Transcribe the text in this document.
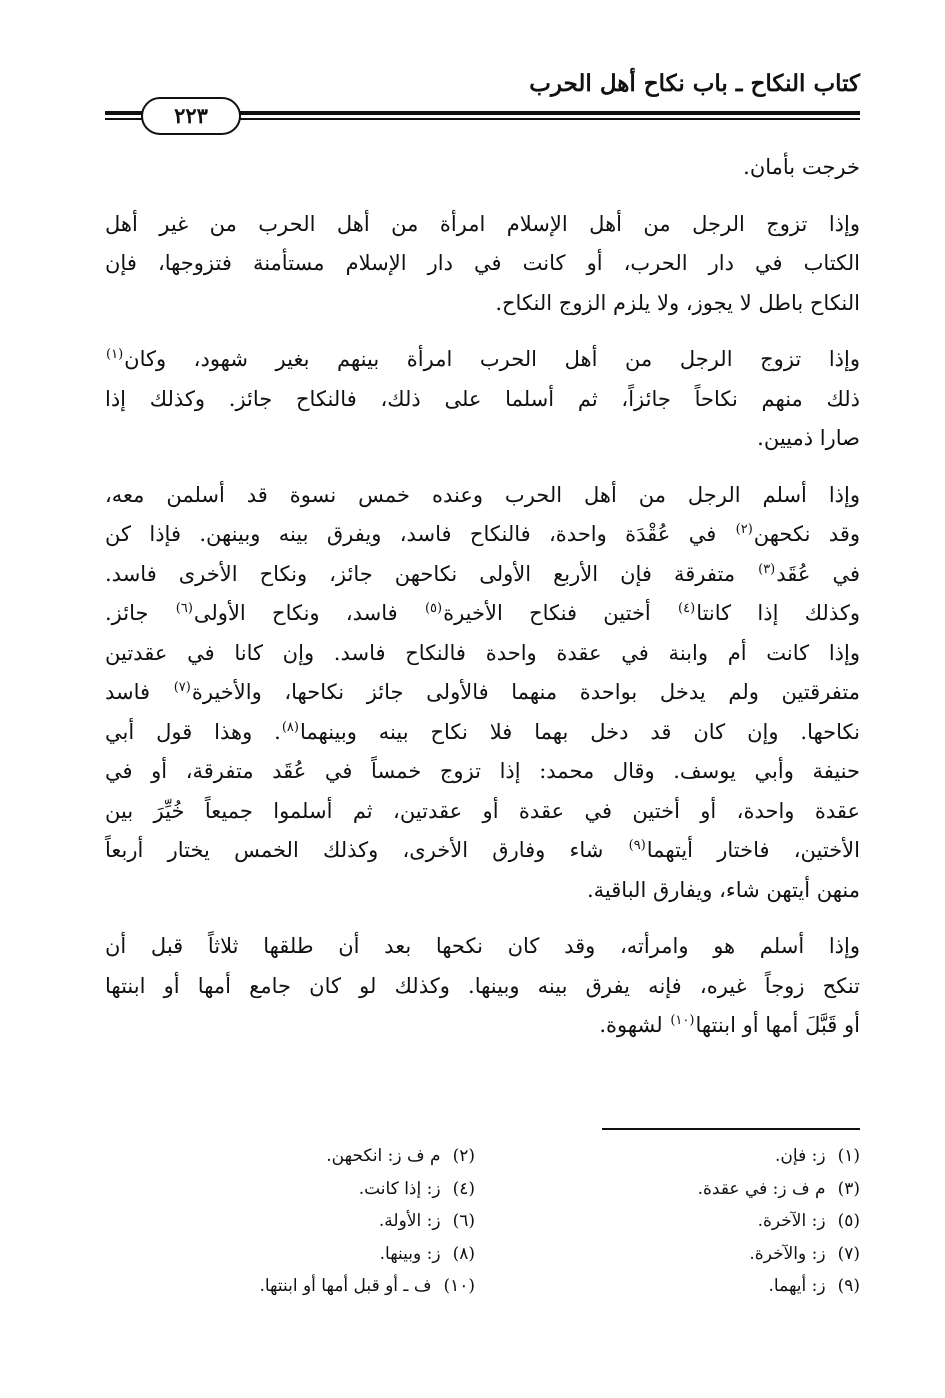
كتاب النكاح ـ باب نكاح أهل الحرب
٢٢٣
خرجت بأمان.
وإذا تزوج الرجل من أهل الإسلام امرأة من أهل الحرب من غير أهل
الكتاب في دار الحرب، أو كانت في دار الإسلام مستأمنة فتزوجها، فإن
النكاح باطل لا يجوز، ولا يلزم الزوج النكاح.
وإذا تزوج الرجل من أهل الحرب امرأة بينهم بغير شهود، وكان$^{(١)}$
ذلك منهم نكاحاً جائزاً، ثم أسلما على ذلك، فالنكاح جائز. وكذلك إذا
صارا ذميين.
وإذا أسلم الرجل من أهل الحرب وعنده خمس نسوة قد أسلمن معه،
وقد نكحهن$^{(٢)}$ في عُقْدَة واحدة، فالنكاح فاسد، ويفرق بينه وبينهن. فإذا كن
في عُقَد$^{(٣)}$ متفرقة فإن الأربع الأولى نكاحهن جائز، ونكاح الأخرى فاسد.
وكذلك إذا كانتا$^{(٤)}$ أختين فنكاح الأخيرة$^{(٥)}$ فاسد، ونكاح الأولى$^{(٦)}$ جائز.
وإذا كانت أم وابنة في عقدة واحدة فالنكاح فاسد. وإن كانا في عقدتين
متفرقتين ولم يدخل بواحدة منهما فالأولى جائز نكاحها، والأخيرة$^{(٧)}$ فاسد
نكاحها. وإن كان قد دخل بهما فلا نكاح بينه وبينهما$^{(٨)}$. وهذا قول أبي
حنيفة وأبي يوسف. وقال محمد: إذا تزوج خمساً في عُقَد متفرقة، أو في
عقدة واحدة، أو أختين في عقدة أو عقدتين، ثم أسلموا جميعاً خُيِّرَ بين
الأختين، فاختار أيتهما$^{(٩)}$ شاء وفارق الأخرى، وكذلك الخمس يختار أربعاً
منهن أيتهن شاء، ويفارق الباقية.
وإذا أسلم هو وامرأته، وقد كان نكحها بعد أن طلقها ثلاثاً قبل أن
تنكح زوجاً غيره، فإنه يفرق بينه وبينها. وكذلك لو كان جامع أمها أو ابنتها
أو قَبَّلَ أمها أو ابنتها$^{(١٠)}$ لشهوة.
(١)ز: فإن.
(٢)م ف ز: انكحهن.
(٣)م ف ز: في عقدة.
(٤)ز: إذا كانت.
(٥)ز: الآخرة.
(٦)ز: الأولة.
(٧)ز: والآخرة.
(٨)ز: وبينها.
(٩)ز: أيهما.
(١٠)ف ـ أو قبل أمها أو ابنتها.
